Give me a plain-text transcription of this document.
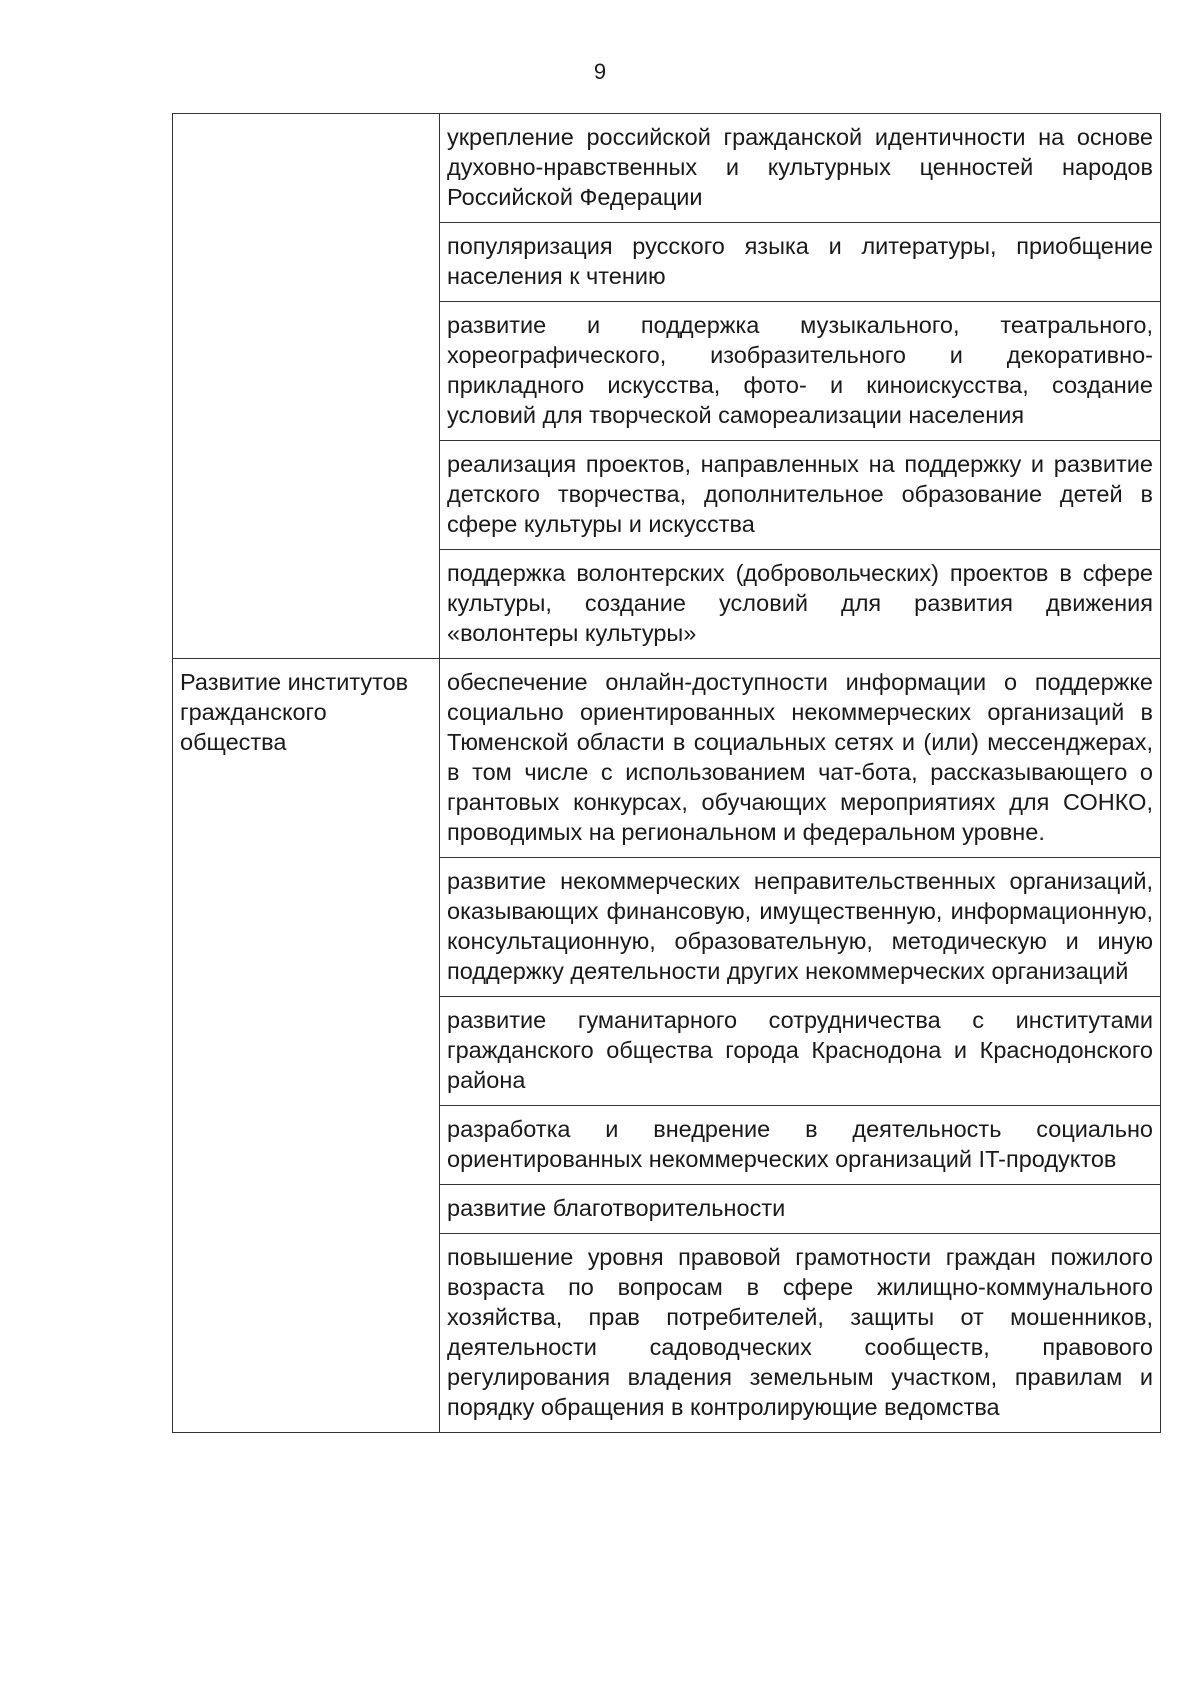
9

	укрепление российской гражданской идентичности на основе духовно-нравственных и культурных ценностей народов Российской Федерации

	популяризация русского языка и литературы, приобщение населения к чтению

	развитие и поддержка музыкального, театрального, хореографического, изобразительного и декоративно-прикладного искусства, фото- и киноискусства, создание условий для творческой самореализации населения

	реализация проектов, направленных на поддержку и развитие детского творчества, дополнительное образование детей в сфере культуры и искусства

	поддержка волонтерских (добровольческих) проектов в сфере культуры, создание условий для развития движения «волонтеры культуры»

Развитие институтов гражданского общества	обеспечение онлайн-доступности информации о поддержке социально ориентированных некоммерческих организаций в Тюменской области в социальных сетях и (или) мессенджерах, в том числе с использованием чат-бота, рассказывающего о грантовых конкурсах, обучающих мероприятиях для СОНКО, проводимых на региональном и федеральном уровне.

	развитие некоммерческих неправительственных организаций, оказывающих финансовую, имущественную, информационную, консультационную, образовательную, методическую и иную поддержку деятельности других некоммерческих организаций

	развитие гуманитарного сотрудничества с институтами гражданского общества города Краснодона и Краснодонского района

	разработка и внедрение в деятельность социально ориентированных некоммерческих организаций IT-продуктов

	развитие благотворительности

	повышение уровня правовой грамотности граждан пожилого возраста по вопросам в сфере жилищно-коммунального хозяйства, прав потребителей, защиты от мошенников, деятельности садоводческих сообществ, правового регулирования владения земельным участком, правилам и порядку обращения в контролирующие ведомства
